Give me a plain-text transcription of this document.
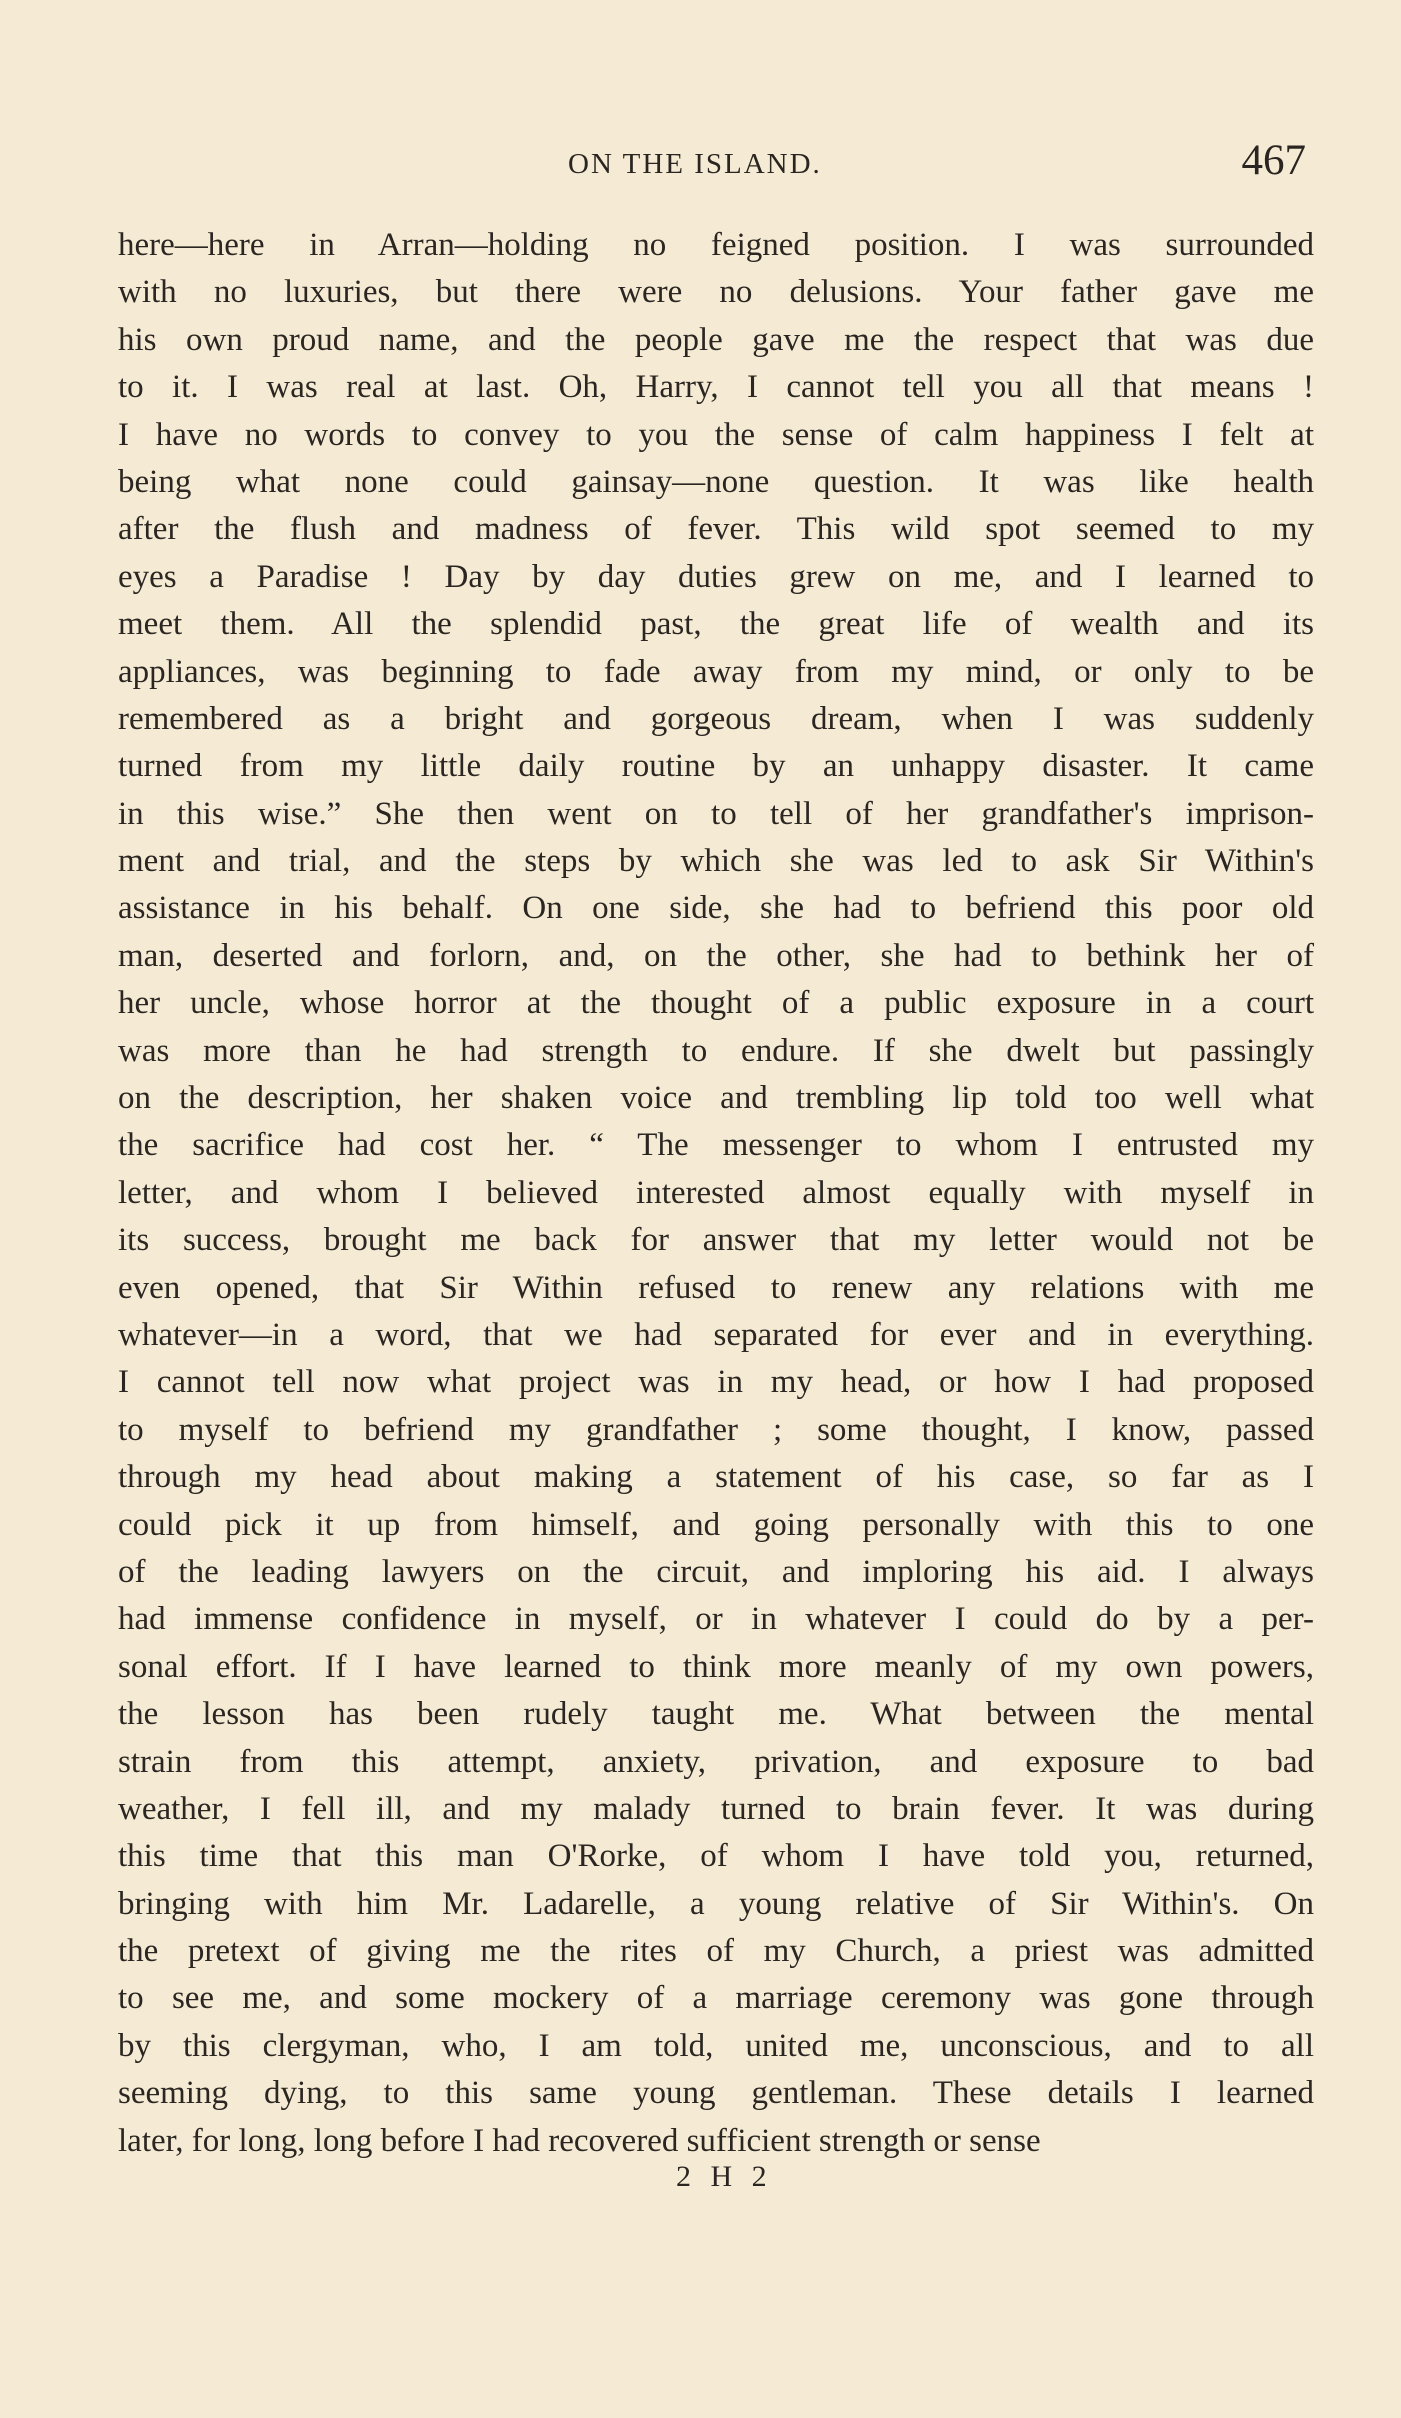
ON THE ISLAND.	467
here—here in Arran—holding no feigned position. I was surrounded
with no luxuries, but there were no delusions. Your father gave me
his own proud name, and the people gave me the respect that was due
to it. I was real at last. Oh, Harry, I cannot tell you all that means !
I have no words to convey to you the sense of calm happiness I felt at
being what none could gainsay—none question. It was like health
after the flush and madness of fever. This wild spot seemed to my
eyes a Paradise ! Day by day duties grew on me, and I learned to
meet them. All the splendid past, the great life of wealth and its
appliances, was beginning to fade away from my mind, or only to be
remembered as a bright and gorgeous dream, when I was suddenly
turned from my little daily routine by an unhappy disaster. It came
in this wise.” She then went on to tell of her grandfather's imprison-
ment and trial, and the steps by which she was led to ask Sir Within's
assistance in his behalf. On one side, she had to befriend this poor old
man, deserted and forlorn, and, on the other, she had to bethink her of
her uncle, whose horror at the thought of a public exposure in a court
was more than he had strength to endure. If she dwelt but passingly
on the description, her shaken voice and trembling lip told too well what
the sacrifice had cost her. “ The messenger to whom I entrusted my
letter, and whom I believed interested almost equally with myself in
its success, brought me back for answer that my letter would not be
even opened, that Sir Within refused to renew any relations with me
whatever—in a word, that we had separated for ever and in everything.
I cannot tell now what project was in my head, or how I had proposed
to myself to befriend my grandfather ; some thought, I know, passed
through my head about making a statement of his case, so far as I
could pick it up from himself, and going personally with this to one
of the leading lawyers on the circuit, and imploring his aid. I always
had immense confidence in myself, or in whatever I could do by a per-
sonal effort. If I have learned to think more meanly of my own powers,
the lesson has been rudely taught me. What between the mental
strain from this attempt, anxiety, privation, and exposure to bad
weather, I fell ill, and my malady turned to brain fever. It was during
this time that this man O'Rorke, of whom I have told you, returned,
bringing with him Mr. Ladarelle, a young relative of Sir Within's. On
the pretext of giving me the rites of my Church, a priest was admitted
to see me, and some mockery of a marriage ceremony was gone through
by this clergyman, who, I am told, united me, unconscious, and to all
seeming dying, to this same young gentleman. These details I learned
later, for long, long before I had recovered sufficient strength or sense
2 H 2
